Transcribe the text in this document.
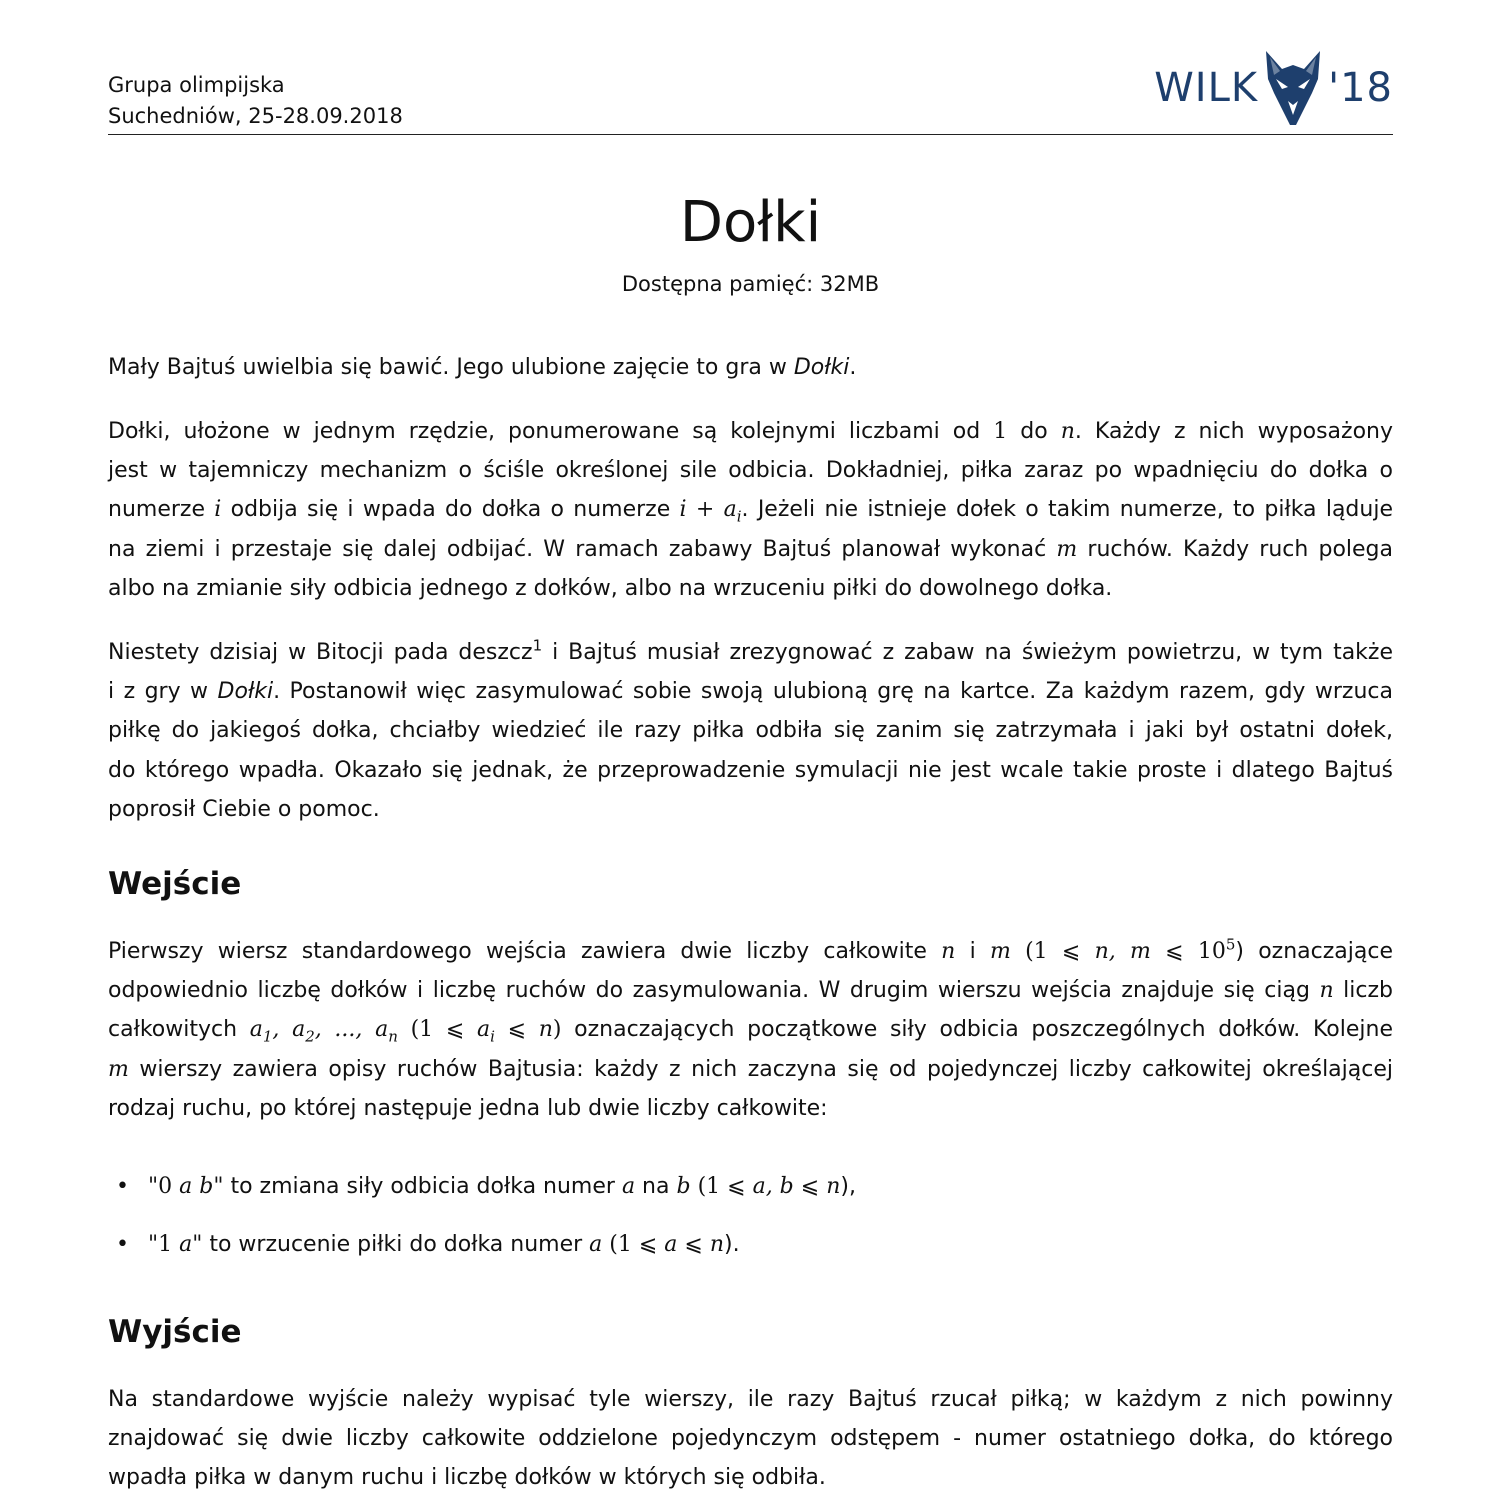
Grupa olimpijska
Suchedniów, 25-28.09.2018
WILK '18
Dołki
Dostępna pamięć: 32MB
Mały Bajtuś uwielbia się bawić. Jego ulubione zajęcie to gra w Dołki.
Dołki, ułożone w jednym rzędzie, ponumerowane są kolejnymi liczbami od 1 do n. Każdy z nich wyposażony
jest w tajemniczy mechanizm o ściśle określonej sile odbicia. Dokładniej, piłka zaraz po wpadnięciu do dołka o
numerze i odbija się i wpada do dołka o numerze $i + a_i$. Jeżeli nie istnieje dołek o takim numerze, to piłka ląduje
na ziemi i przestaje się dalej odbijać. W ramach zabawy Bajtuś planował wykonać m ruchów. Każdy ruch polega
albo na zmianie siły odbicia jednego z dołków, albo na wrzuceniu piłki do dowolnego dołka.
Niestety dzisiaj w Bitocji pada deszcz$^1$ i Bajtuś musiał zrezygnować z zabaw na świeżym powietrzu, w tym także
i z gry w Dołki. Postanowił więc zasymulować sobie swoją ulubioną grę na kartce. Za każdym razem, gdy wrzuca
piłkę do jakiegoś dołka, chciałby wiedzieć ile razy piłka odbiła się zanim się zatrzymała i jaki był ostatni dołek,
do którego wpadła. Okazało się jednak, że przeprowadzenie symulacji nie jest wcale takie proste i dlatego Bajtuś
poprosił Ciebie o pomoc.
Wejście
Pierwszy wiersz standardowego wejścia zawiera dwie liczby całkowite n i m (1 ⩽ n, m ⩽ $10^5$) oznaczające
odpowiednio liczbę dołków i liczbę ruchów do zasymulowania. W drugim wierszu wejścia znajduje się ciąg n liczb
całkowitych $a_1$, $a_2$, ..., $a_n$ (1 ⩽ $a_i$ ⩽ n) oznaczających początkowe siły odbicia poszczególnych dołków. Kolejne
m wierszy zawiera opisy ruchów Bajtusia: każdy z nich zaczyna się od pojedynczej liczby całkowitej określającej
rodzaj ruchu, po której następuje jedna lub dwie liczby całkowite:
• "0 a b" to zmiana siły odbicia dołka numer a na b (1 ⩽ a, b ⩽ n),
• "1 a" to wrzucenie piłki do dołka numer a (1 ⩽ a ⩽ n).
Wyjście
Na standardowe wyjście należy wypisać tyle wierszy, ile razy Bajtuś rzucał piłką; w każdym z nich powinny
znajdować się dwie liczby całkowite oddzielone pojedynczym odstępem - numer ostatniego dołka, do którego
wpadła piłka w danym ruchu i liczbę dołków w których się odbiła.
